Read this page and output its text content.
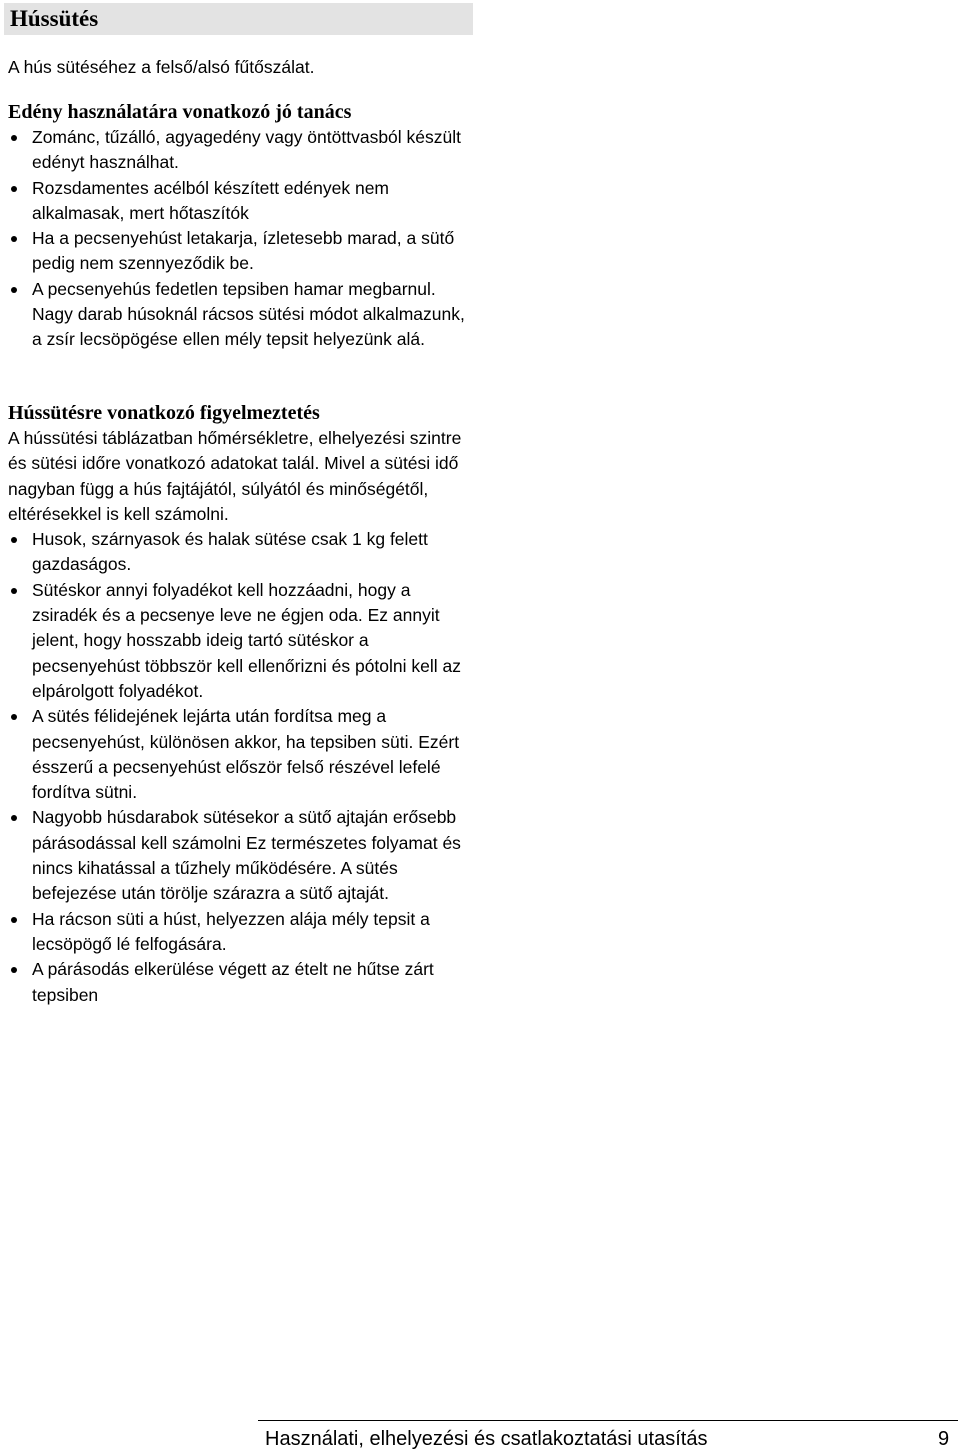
Hússütés

A hús sütéséhez a felső/alsó fűtőszálat.

Edény használatára vonatkozó jó tanács
Zománc, tűzálló, agyagedény vagy öntöttvasból készült edényt használhat.
Rozsdamentes acélból készített edények nem alkalmasak, mert hőtaszítók
Ha a pecsenyehúst letakarja, ízletesebb marad, a sütő pedig nem szennyeződik be.
A pecsenyehús fedetlen tepsiben hamar megbarnul. Nagy darab húsoknál rácsos sütési módot alkalmazunk, a zsír lecsöpögése ellen mély tepsit helyezünk alá.
Hússütésre vonatkozó figyelmeztetés

A hússütési táblázatban hőmérsékletre, elhelyezési szintre és sütési időre vonatkozó adatokat talál. Mivel a sütési idő nagyban függ a hús fajtájától, súlyától és minőségétől, eltérésekkel is kell számolni.

Husok, szárnyasok és halak sütése csak 1 kg felett gazdaságos.
Sütéskor annyi folyadékot kell hozzáadni, hogy a zsiradék és a pecsenye leve ne égjen oda. Ez annyit jelent, hogy hosszabb ideig tartó sütéskor a pecsenyehúst többször kell ellenőrizni és pótolni kell az elpárolgott folyadékot.
A sütés félidejének lejárta után fordítsa meg a pecsenyehúst, különösen akkor, ha tepsiben süti. Ezért ésszerű a pecsenyehúst először felső részével lefelé fordítva sütni.
Nagyobb húsdarabok sütésekor a sütő ajtaján erősebb párásodással kell számolni Ez természetes folyamat és nincs kihatással a tűzhely működésére. A sütés befejezése után törölje szárazra a sütő ajtaját.
Ha rácson süti a húst, helyezzen alája mély tepsit a lecsöpögő lé felfogására.
A párásodás elkerülése végett az ételt ne hűtse zárt tepsiben
Használati, elhelyezési és csatlakoztatási utasítás	9
